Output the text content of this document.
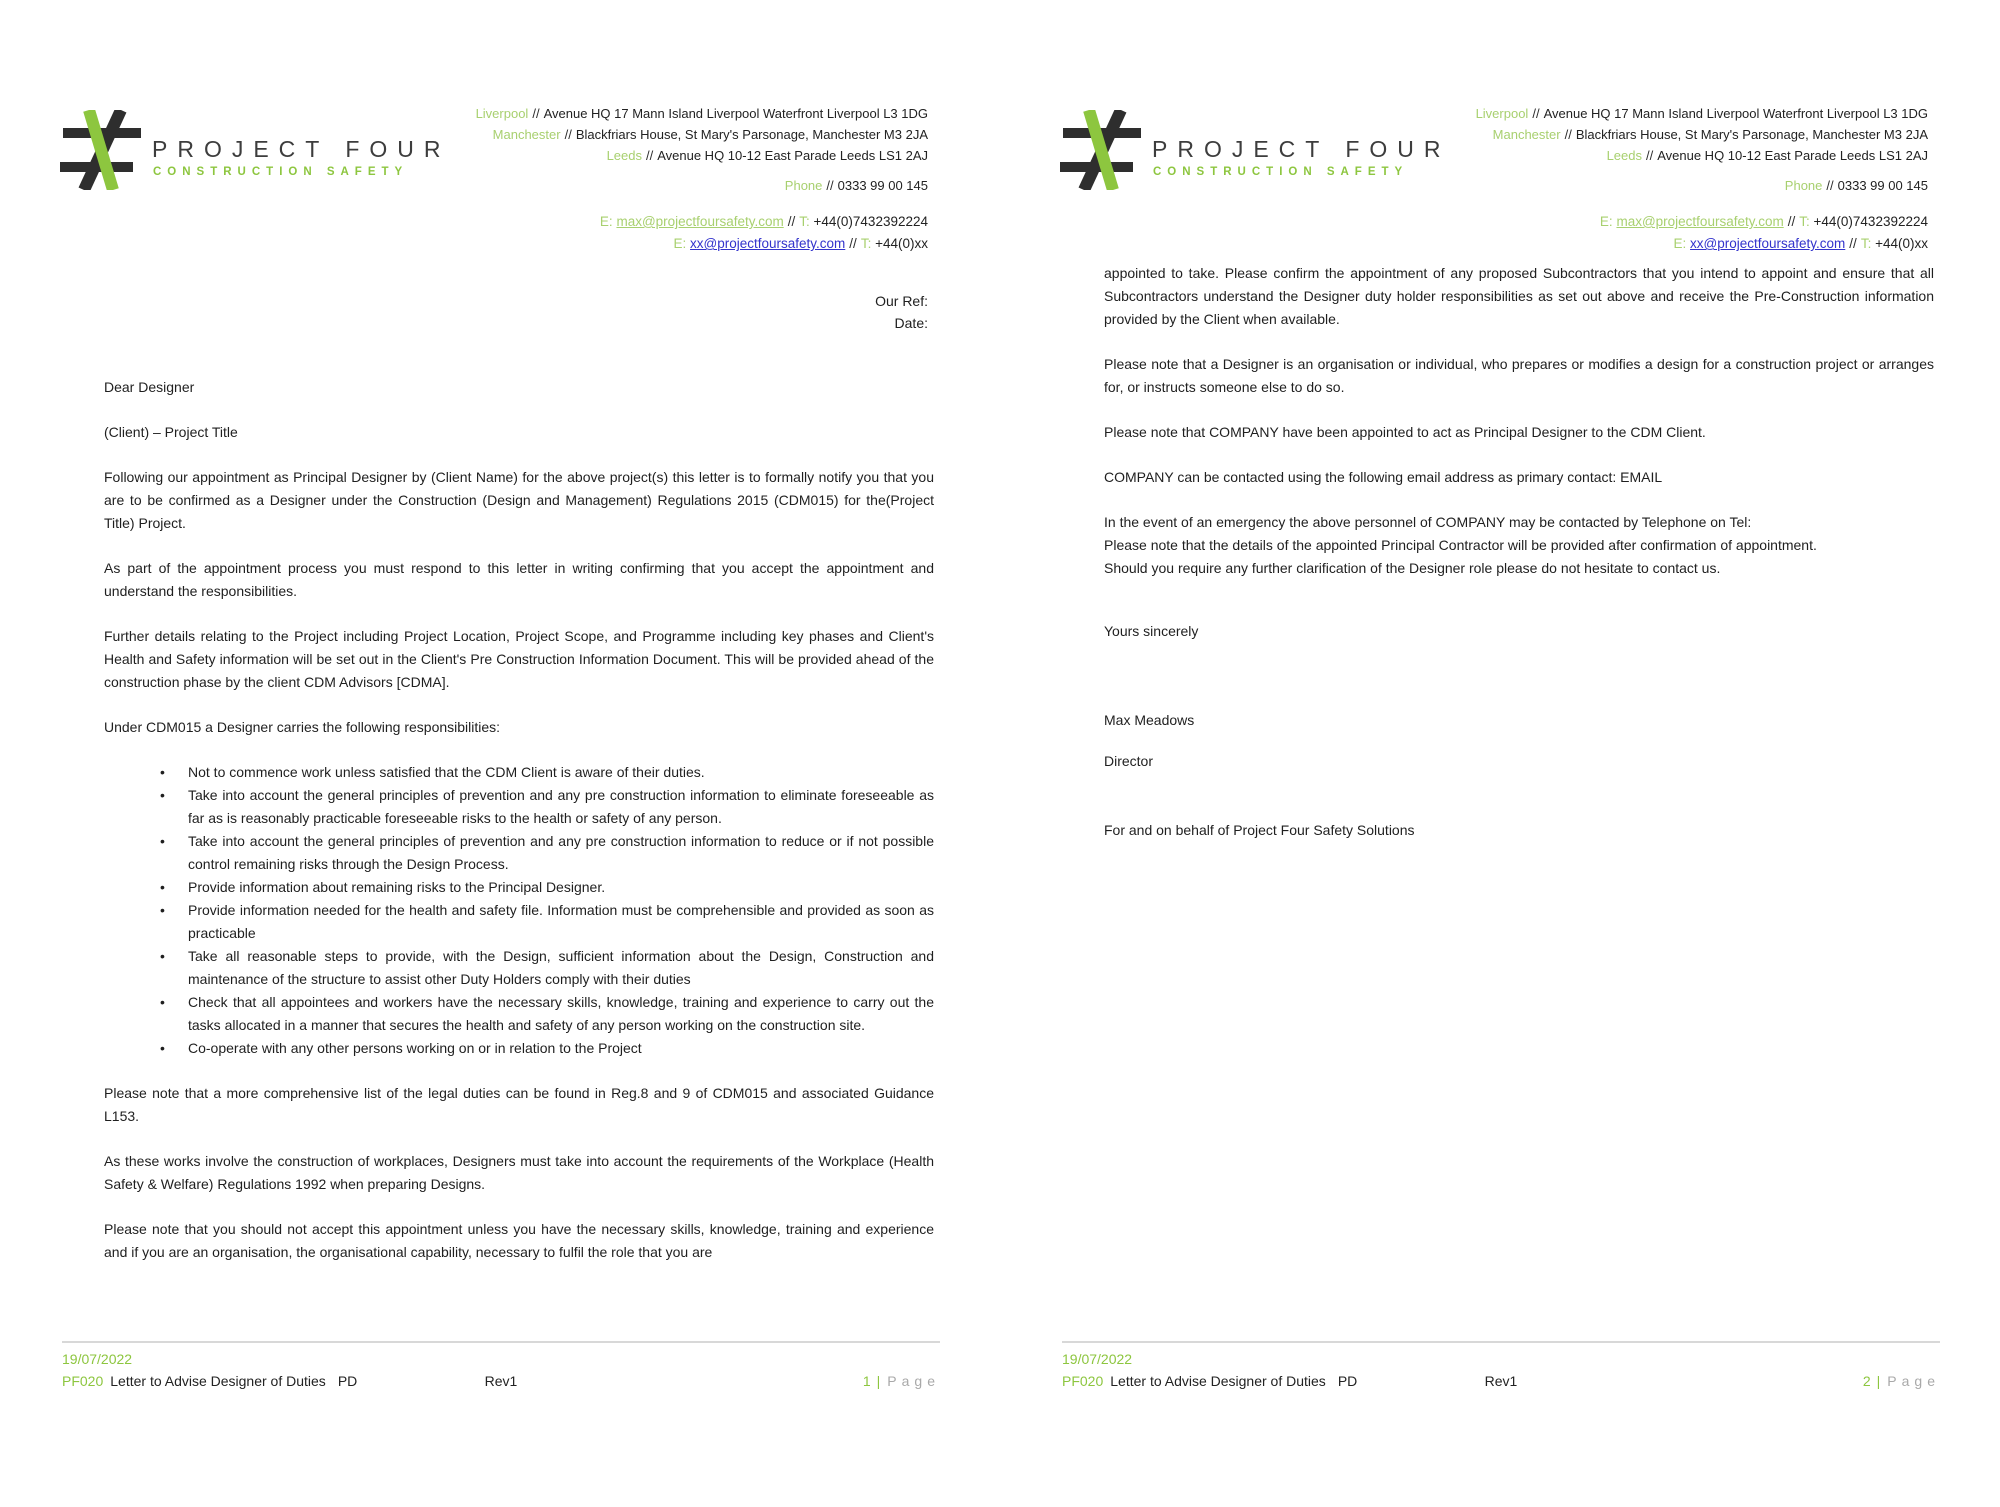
PROJECT FOUR
CONSTRUCTION SAFETY
Liverpool // Avenue HQ 17 Mann Island Liverpool Waterfront Liverpool L3 1DG
Manchester // Blackfriars House, St Mary's Parsonage, Manchester M3 2JA
Leeds // Avenue HQ 10-12 East Parade Leeds LS1 2AJ
Phone // 0333 99 00 145
E: max@projectfoursafety.com // T: +44(0)7432392224
E: xx@projectfoursafety.com // T: +44(0)xx
Our Ref:
Date:

Dear Designer

(Client) – Project Title

Following our appointment as Principal Designer by (Client Name) for the above project(s) this letter is to formally notify you that you are to be confirmed as a Designer under the Construction (Design and Management) Regulations 2015 (CDM015) for the(Project Title) Project.

As part of the appointment process you must respond to this letter in writing confirming that you accept the appointment and understand the responsibilities.

Further details relating to the Project including Project Location, Project Scope, and Programme including key phases and Client's Health and Safety information will be set out in the Client's Pre Construction Information Document. This will be provided ahead of the construction phase by the client CDM Advisors [CDMA].

Under CDM015 a Designer carries the following responsibilities:

• Not to commence work unless satisfied that the CDM Client is aware of their duties.
• Take into account the general principles of prevention and any pre construction information to eliminate foreseeable as far as is reasonably practicable foreseeable risks to the health or safety of any person.
• Take into account the general principles of prevention and any pre construction information to reduce or if not possible control remaining risks through the Design Process.
• Provide information about remaining risks to the Principal Designer.
• Provide information needed for the health and safety file. Information must be comprehensible and provided as soon as practicable
• Take all reasonable steps to provide, with the Design, sufficient information about the Design, Construction and maintenance of the structure to assist other Duty Holders comply with their duties
• Check that all appointees and workers have the necessary skills, knowledge, training and experience to carry out the tasks allocated in a manner that secures the health and safety of any person working on the construction site.
• Co-operate with any other persons working on or in relation to the Project

Please note that a more comprehensive list of the legal duties can be found in Reg.8 and 9 of CDM015 and associated Guidance L153.

As these works involve the construction of workplaces, Designers must take into account the requirements of the Workplace (Health Safety & Welfare) Regulations 1992 when preparing Designs.

Please note that you should not accept this appointment unless you have the necessary skills, knowledge, training and experience and if you are an organisation, the organisational capability, necessary to fulfil the role that you are

19/07/2022
PF020 Letter to Advise Designer of Duties PD	Rev1	1 | Page
PROJECT FOUR
CONSTRUCTION SAFETY
Liverpool // Avenue HQ 17 Mann Island Liverpool Waterfront Liverpool L3 1DG
Manchester // Blackfriars House, St Mary's Parsonage, Manchester M3 2JA
Leeds // Avenue HQ 10-12 East Parade Leeds LS1 2AJ
Phone // 0333 99 00 145
E: max@projectfoursafety.com // T: +44(0)7432392224
E: xx@projectfoursafety.com // T: +44(0)xx

appointed to take. Please confirm the appointment of any proposed Subcontractors that you intend to appoint and ensure that all Subcontractors understand the Designer duty holder responsibilities as set out above and receive the Pre-Construction information provided by the Client when available.

Please note that a Designer is an organisation or individual, who prepares or modifies a design for a construction project or arranges for, or instructs someone else to do so.

Please note that COMPANY have been appointed to act as Principal Designer to the CDM Client.

COMPANY can be contacted using the following email address as primary contact: EMAIL

In the event of an emergency the above personnel of COMPANY may be contacted by Telephone on Tel:

Please note that the details of the appointed Principal Contractor will be provided after confirmation of appointment.

Should you require any further clarification of the Designer role please do not hesitate to contact us.

Yours sincerely

Max Meadows

Director

For and on behalf of Project Four Safety Solutions

19/07/2022
PF020 Letter to Advise Designer of Duties PD	Rev1	2 | Page
